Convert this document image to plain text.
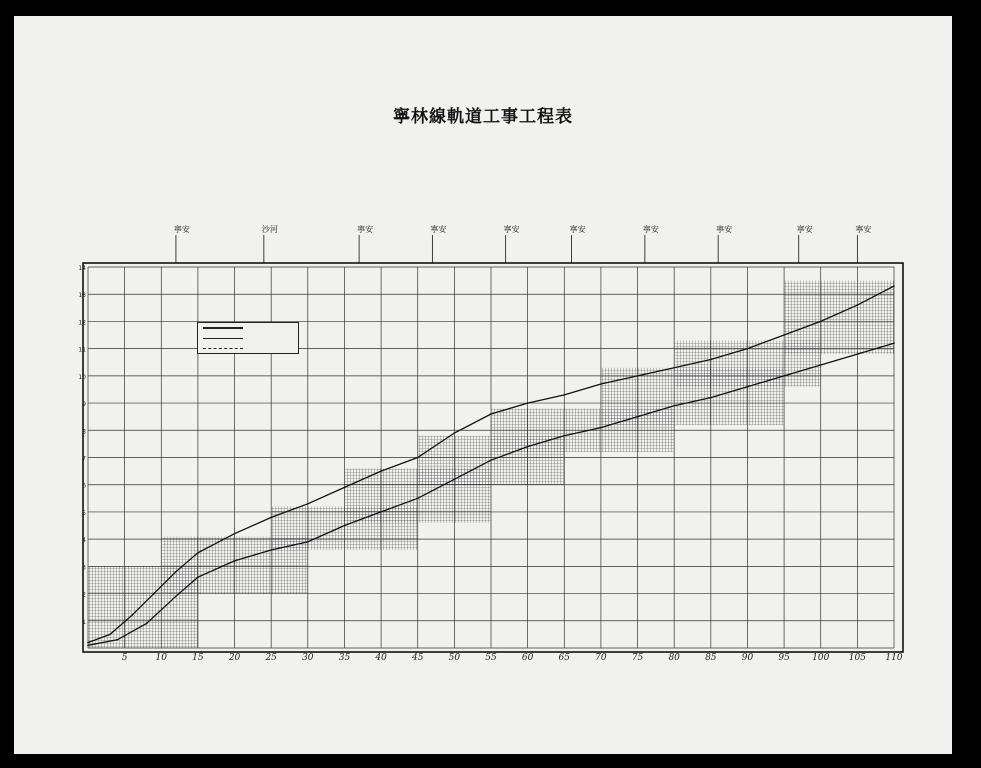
寧林線軌道工事工程表
5	10	15	20	25	30	35	40	45	50	55	60	65	70	75	80	85	90	95 100 105 110
1
2
3
4
5
6
7
8
9
10
11
12
13
14
寧安	沙河	寧安	寧安	寧安	寧安	寧安	寧安	寧安	寧安
